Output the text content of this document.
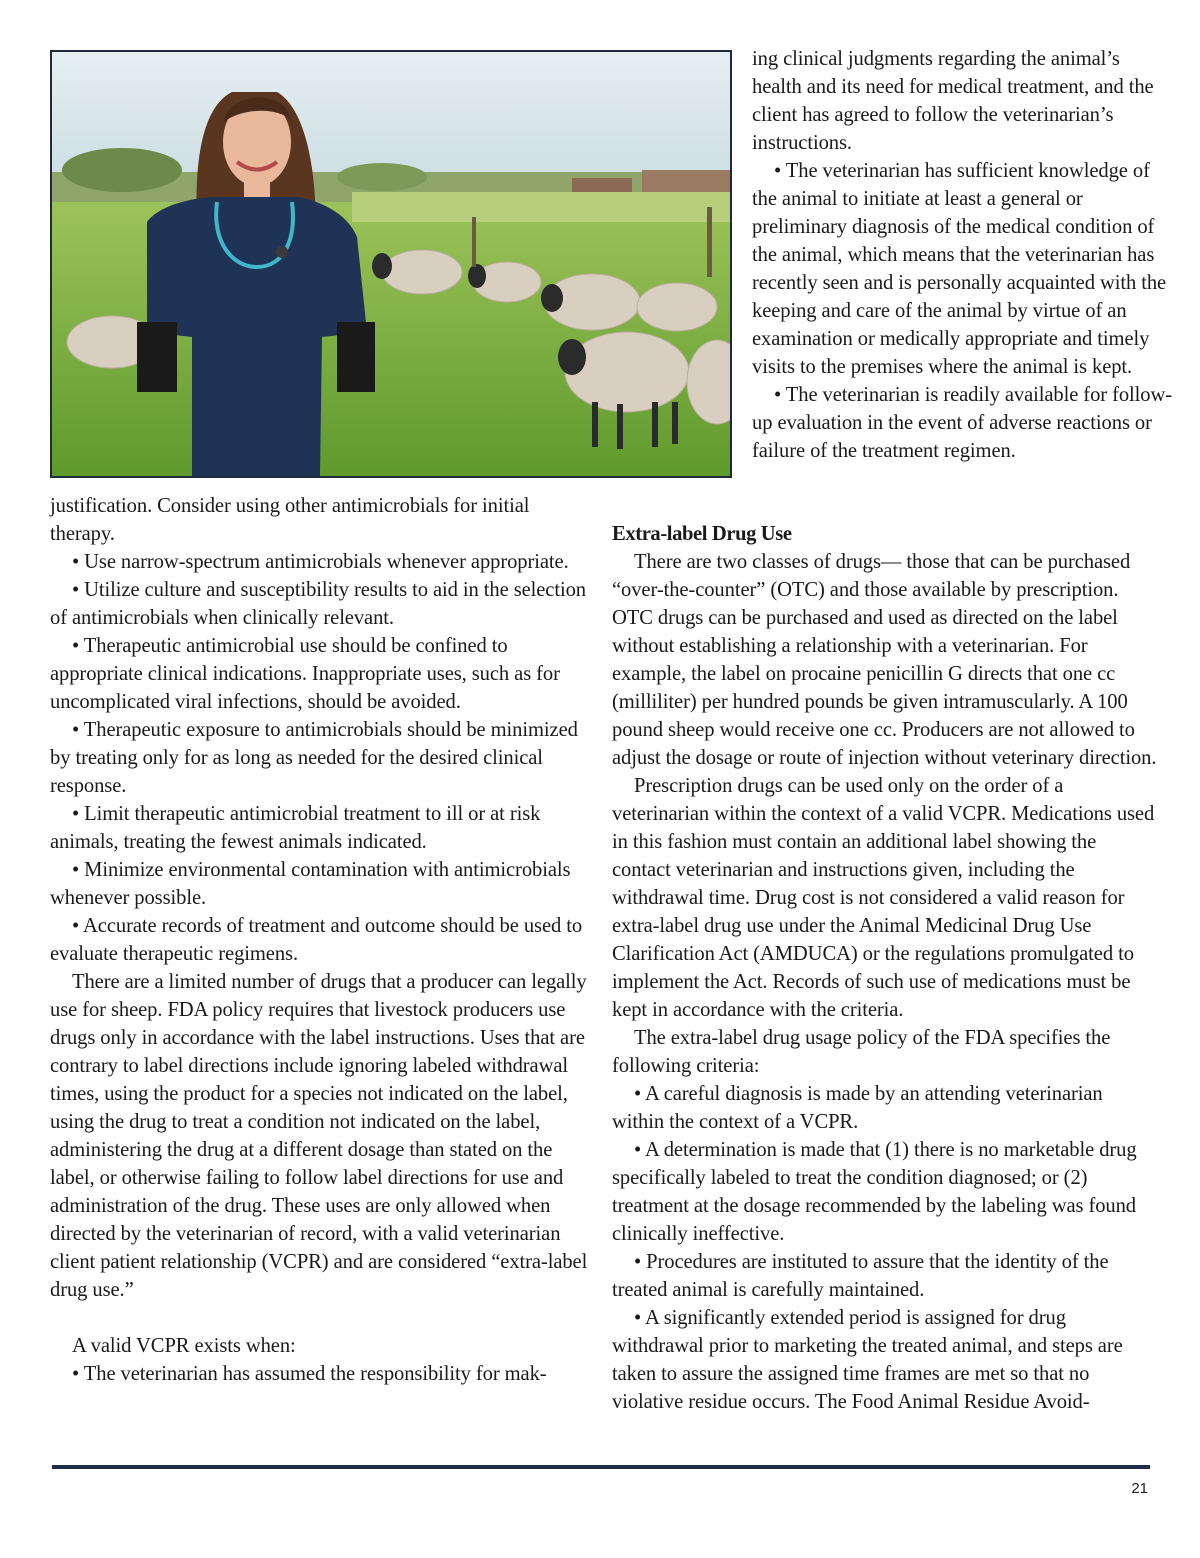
ing clinical judgments regarding the animal’s health and its need for medical treatment, and the client has agreed to follow the veterinarian’s instructions.

• The veterinarian has sufficient knowledge of the animal to initiate at least a general or preliminary diagnosis of the medical condition of the animal, which means that the veterinarian has recently seen and is personally acquainted with the keeping and care of the animal by virtue of an examination or medically appropriate and timely visits to the premises where the animal is kept.

• The veterinarian is readily available for follow-up evaluation in the event of adverse reactions or failure of the treatment regimen.

justification. Consider using other antimicrobials for initial therapy.

• Use narrow-spectrum antimicrobials whenever appropriate.

• Utilize culture and susceptibility results to aid in the selection of antimicrobials when clinically relevant.

• Therapeutic antimicrobial use should be confined to appropriate clinical indications. Inappropriate uses, such as for uncomplicated viral infections, should be avoided.

• Therapeutic exposure to antimicrobials should be minimized by treating only for as long as needed for the desired clinical response.

• Limit therapeutic antimicrobial treatment to ill or at risk animals, treating the fewest animals indicated.

• Minimize environmental contamination with antimicrobials whenever possible.

• Accurate records of treatment and outcome should be used to evaluate therapeutic regimens.

There are a limited number of drugs that a producer can legally use for sheep. FDA policy requires that livestock producers use drugs only in accordance with the label instructions. Uses that are contrary to label directions include ignoring labeled withdrawal times, using the product for a species not indicated on the label, using the drug to treat a condition not indicated on the label, administering the drug at a different dosage than stated on the label, or otherwise failing to follow label directions for use and administration of the drug. These uses are only allowed when directed by the veterinarian of record, with a valid veterinarian client patient relationship (VCPR) and are considered “extra-label drug use.”

A valid VCPR exists when:

• The veterinarian has assumed the responsibility for mak-

Extra-label Drug Use

There are two classes of drugs— those that can be purchased “over-the-counter” (OTC) and those available by prescription. OTC drugs can be purchased and used as directed on the label without establishing a relationship with a veterinarian. For example, the label on procaine penicillin G directs that one cc (milliliter) per hundred pounds be given intramuscularly. A 100 pound sheep would receive one cc. Producers are not allowed to adjust the dosage or route of injection without veterinary direction.

Prescription drugs can be used only on the order of a veterinarian within the context of a valid VCPR. Medications used in this fashion must contain an additional label showing the contact veterinarian and instructions given, including the withdrawal time. Drug cost is not considered a valid reason for extra-label drug use under the Animal Medicinal Drug Use Clarification Act (AMDUCA) or the regulations promulgated to implement the Act. Records of such use of medications must be kept in accordance with the criteria.

The extra-label drug usage policy of the FDA specifies the following criteria:

• A careful diagnosis is made by an attending veterinarian within the context of a VCPR.

• A determination is made that (1) there is no marketable drug specifically labeled to treat the condition diagnosed; or (2) treatment at the dosage recommended by the labeling was found clinically ineffective.

• Procedures are instituted to assure that the identity of the treated animal is carefully maintained.

• A significantly extended period is assigned for drug withdrawal prior to marketing the treated animal, and steps are taken to assure the assigned time frames are met so that no violative residue occurs. The Food Animal Residue Avoid-

21
